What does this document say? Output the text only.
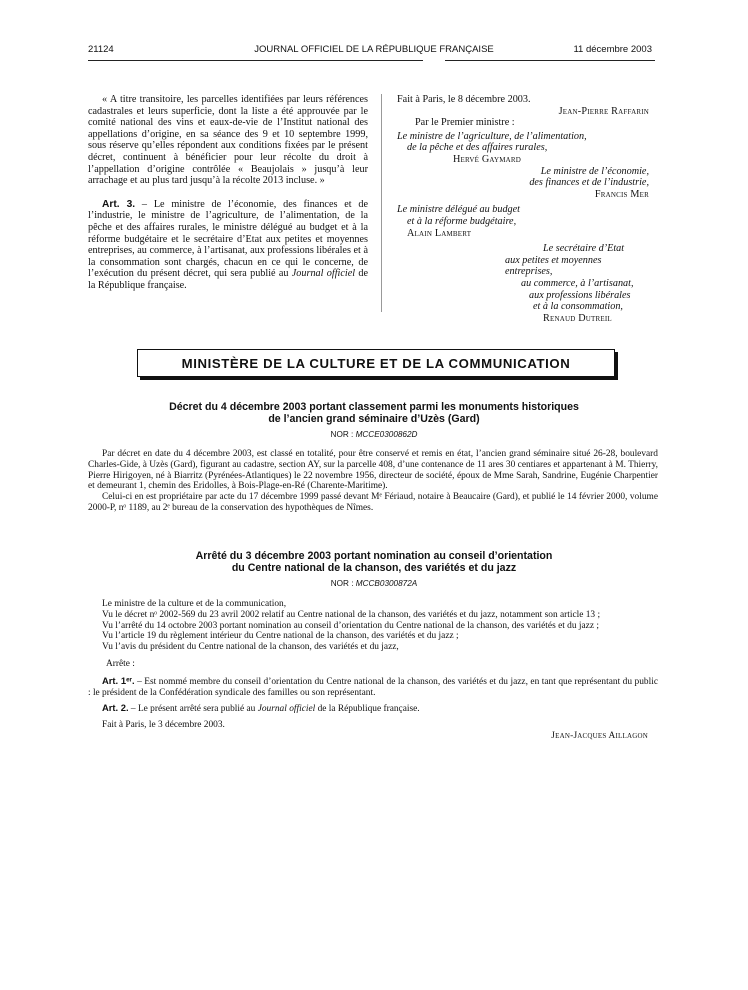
21124	JOURNAL OFFICIEL DE LA RÉPUBLIQUE FRANÇAISE	11 décembre 2003

« A titre transitoire, les parcelles identifiées par leurs références cadastrales et leurs superficie, dont la liste a été approuvée par le comité national des vins et eaux-de-vie de l’Institut national des appellations d’origine, en sa séance des 9 et 10 septembre 1999, sous réserve qu’elles répondent aux conditions fixées par le présent décret, continuent à bénéficier pour leur récolte du droit à l’appellation d’origine contrôlée « Beaujolais » jusqu’à leur arrachage et au plus tard jusqu’à la récolte 2013 incluse. »

Art. 3. – Le ministre de l’économie, des finances et de l’industrie, le ministre de l’agriculture, de l’alimentation, de la pêche et des affaires rurales, le ministre délégué au budget et à la réforme budgétaire et le secrétaire d’Etat aux petites et moyennes entreprises, au commerce, à l’artisanat, aux professions libérales et à la consommation sont chargés, chacun en ce qui le concerne, de l’exécution du présent décret, qui sera publié au Journal officiel de la République française.

Fait à Paris, le 8 décembre 2003.

Jean-Pierre Raffarin

Par le Premier ministre :

Le ministre de l’agriculture, de l’alimentation,

de la pêche et des affaires rurales,

Hervé Gaymard

Le ministre de l’économie,

des finances et de l’industrie,

Francis Mer

Le ministre délégué au budget

et à la réforme budgétaire,

Alain Lambert

Le secrétaire d’Etat

aux petites et moyennes entreprises,

au commerce, à l’artisanat,

aux professions libérales

et à la consommation,

Renaud Dutreil

MINISTÈRE DE LA CULTURE ET DE LA COMMUNICATION
Décret du 4 décembre 2003 portant classement parmi les monuments historiques
de l’ancien grand séminaire d’Uzès (Gard)
NOR : MCCE0300862D

Par décret en date du 4 décembre 2003, est classé en totalité, pour être conservé et remis en état, l’ancien grand séminaire situé 26-28, boulevard Charles-Gide, à Uzès (Gard), figurant au cadastre, section AY, sur la parcelle 408, d’une contenance de 11 ares 30 centiares et appartenant à M. Thierry, Pierre Hirigoyen, né à Biarritz (Pyrénées-Atlantiques) le 22 novembre 1956, directeur de société, époux de Mme Sarah, Sandrine, Eugénie Charpentier et demeurant 1, chemin des Eridolles, à Bois-Plage-en-Ré (Charente-Maritime).

Celui-ci en est propriétaire par acte du 17 décembre 1999 passé devant Mᵉ Fériaud, notaire à Beaucaire (Gard), et publié le 14 février 2000, volume 2000-P, nᵒ 1189, au 2ᵉ bureau de la conservation des hypothèques de Nîmes.

Arrêté du 3 décembre 2003 portant nomination au conseil d’orientation
du Centre national de la chanson, des variétés et du jazz
NOR : MCCB0300872A

Le ministre de la culture et de la communication,

Vu le décret nᵒ 2002-569 du 23 avril 2002 relatif au Centre national de la chanson, des variétés et du jazz, notamment son article 13 ;

Vu l’arrêté du 14 octobre 2003 portant nomination au conseil d’orientation du Centre national de la chanson, des variétés et du jazz ;

Vu l’article 19 du règlement intérieur du Centre national de la chanson, des variétés et du jazz ;

Vu l’avis du président du Centre national de la chanson, des variétés et du jazz,

Arrête :

Art. 1ᵉʳ. – Est nommé membre du conseil d’orientation du Centre national de la chanson, des variétés et du jazz, en tant que représentant du public : le président de la Confédération syndicale des familles ou son représentant.

Art. 2. – Le présent arrêté sera publié au Journal officiel de la République française.

Fait à Paris, le 3 décembre 2003.

Jean-Jacques Aillagon
